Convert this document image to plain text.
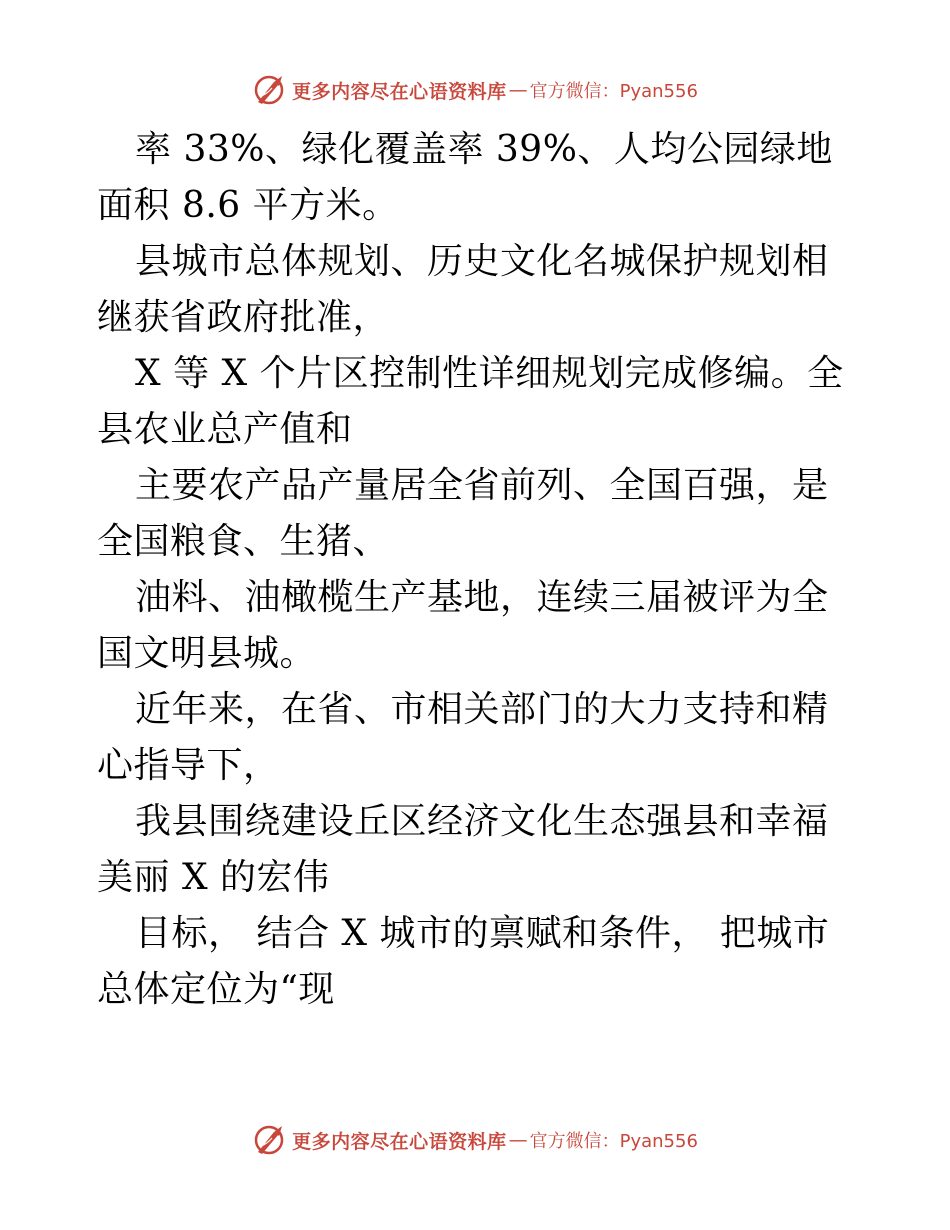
更多内容尽在心语资料库 — 官方微信：Pyan556

率 33%、绿化覆盖率 39%、人均公园绿地面积 8.6 平方米。

县城市总体规划、历史文化名城保护规划相继获省政府批准，

X 等 X 个片区控制性详细规划完成修编。全县农业总产值和

主要农产品产量居全省前列、全国百强，是全国粮食、生猪、

油料、油橄榄生产基地，连续三届被评为全国文明县城。

近年来，在省、市相关部门的大力支持和精心指导下，

我县围绕建设丘区经济文化生态强县和幸福美丽 X 的宏伟

目标， 结合 X 城市的禀赋和条件， 把城市总体定位为“现

更多内容尽在心语资料库 — 官方微信：Pyan556
